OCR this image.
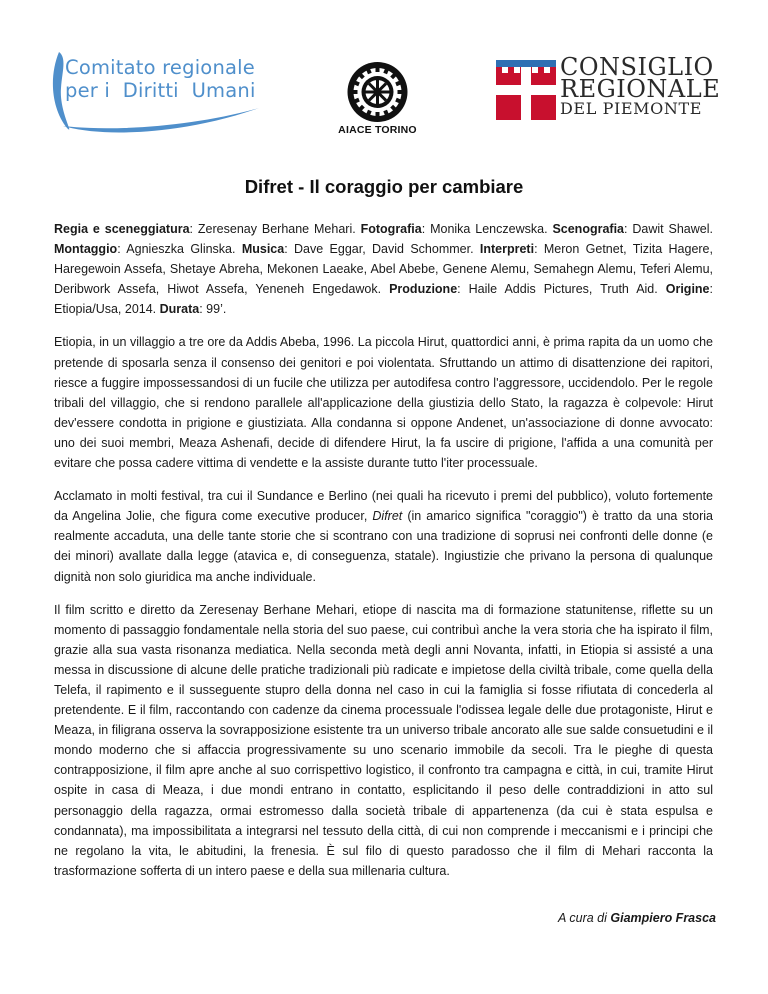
Comitato regionale
per i  Diritti  Umani
AIACE TORINO
CONSIGLIO
REGIONALE
DEL PIEMONTE
Difret - Il coraggio per cambiare

Regia e sceneggiatura: Zeresenay Berhane Mehari. Fotografia: Monika Lenczewska. Scenografia: Dawit Shawel. Montaggio: Agnieszka Glinska. Musica: Dave Eggar, David Schommer. Interpreti: Meron Getnet, Tizita Hagere, Haregewoin Assefa, Shetaye Abreha, Mekonen Laeake, Abel Abebe, Genene Alemu, Semahegn Alemu, Teferi Alemu, Deribwork Assefa, Hiwot Assefa, Yeneneh Engedawok. Produzione: Haile Addis Pictures, Truth Aid. Origine: Etiopia/Usa, 2014. Durata: 99’.

Etiopia, in un villaggio a tre ore da Addis Abeba, 1996. La piccola Hirut, quattordici anni, è prima rapita da un uomo che pretende di sposarla senza il consenso dei genitori e poi violentata. Sfruttando un attimo di disattenzione dei rapitori, riesce a fuggire impossessandosi di un fucile che utilizza per autodifesa contro l'aggressore, uccidendolo. Per le regole tribali del villaggio, che si rendono parallele all'applicazione della giustizia dello Stato, la ragazza è colpevole: Hirut dev'essere condotta in prigione e giustiziata. Alla condanna si oppone Andenet, un'associazione di donne avvocato: uno dei suoi membri, Meaza Ashenafi, decide di difendere Hirut, la fa uscire di prigione, l'affida a una comunità per evitare che possa cadere vittima di vendette e la assiste durante tutto l'iter processuale.

Acclamato in molti festival, tra cui il Sundance e Berlino (nei quali ha ricevuto i premi del pubblico), voluto fortemente da Angelina Jolie, che figura come executive producer, Difret (in amarico significa "coraggio") è tratto da una storia realmente accaduta, una delle tante storie che si scontrano con una tradizione di soprusi nei confronti delle donne (e dei minori) avallate dalla legge (atavica e, di conseguenza, statale). Ingiustizie che privano la persona di qualunque dignità non solo giuridica ma anche individuale.

Il film scritto e diretto da Zeresenay Berhane Mehari, etiope di nascita ma di formazione statunitense, riflette su un momento di passaggio fondamentale nella storia del suo paese, cui contribuì anche la vera storia che ha ispirato il film, grazie alla sua vasta risonanza mediatica. Nella seconda metà degli anni Novanta, infatti, in Etiopia si assisté a una messa in discussione di alcune delle pratiche tradizionali più radicate e impietose della civiltà tribale, come quella della Telefa, il rapimento e il susseguente stupro della donna nel caso in cui la famiglia si fosse rifiutata di concederla al pretendente. E il film, raccontando con cadenze da cinema processuale l'odissea legale delle due protagoniste, Hirut e Meaza, in filigrana osserva la sovrapposizione esistente tra un universo tribale ancorato alle sue salde consuetudini e il mondo moderno che si affaccia progressivamente su uno scenario immobile da secoli. Tra le pieghe di questa contrapposizione, il film apre anche al suo corrispettivo logistico, il confronto tra campagna e città, in cui, tramite Hirut ospite in casa di Meaza, i due mondi entrano in contatto, esplicitando il peso delle contraddizioni in atto sul personaggio della ragazza, ormai estromesso dalla società tribale di appartenenza (da cui è stata espulsa e condannata), ma impossibilitata a integrarsi nel tessuto della città, di cui non comprende i meccanismi e i principi che ne regolano la vita, le abitudini, la frenesia. È sul filo di questo paradosso che il film di Mehari racconta la trasformazione sofferta di un intero paese e della sua millenaria cultura.

A cura di Giampiero Frasca
